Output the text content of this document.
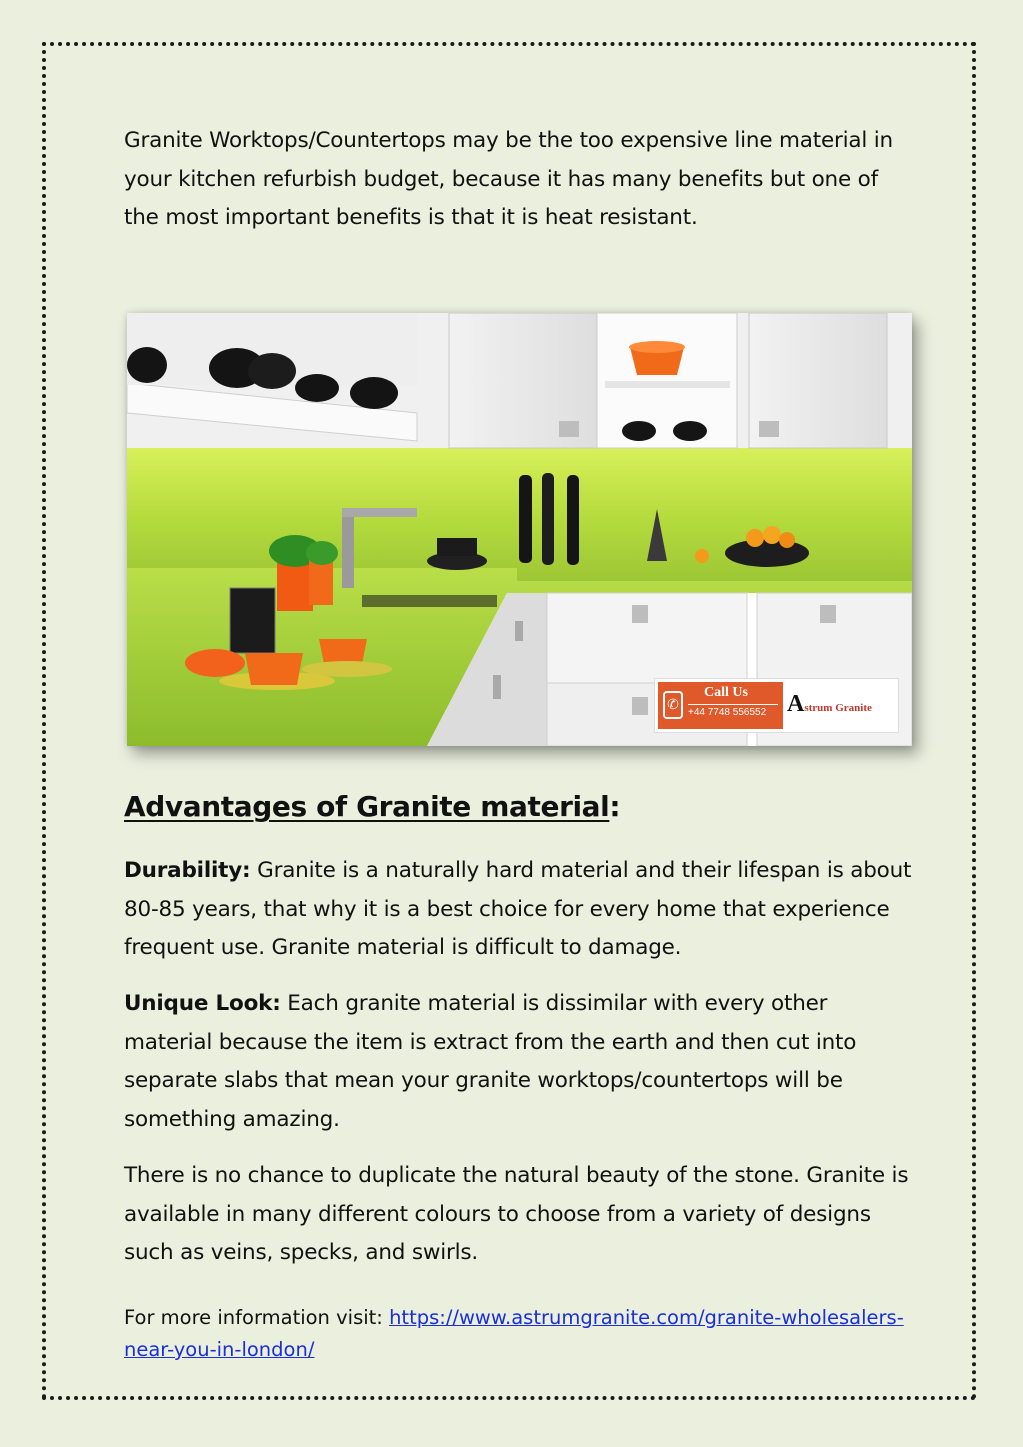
Granite Worktops/Countertops may be the too expensive line material in your kitchen refurbish budget, because it has many benefits but one of the most important benefits is that it is heat resistant.

✆
Call Us
+44 7748 556552 Astrum Granite
Advantages of Granite material:

Durability: Granite is a naturally hard material and their lifespan is about 80-85 years, that why it is a best choice for every home that experience frequent use. Granite material is difficult to damage.

Unique Look: Each granite material is dissimilar with every other material because the item is extract from the earth and then cut into separate slabs that mean your granite worktops/countertops will be something amazing.

There is no chance to duplicate the natural beauty of the stone. Granite is available in many different colours to choose from a variety of designs such as veins, specks, and swirls.

For more information visit: https://www.astrumgranite.com/granite-wholesalers-near-you-in-london/
